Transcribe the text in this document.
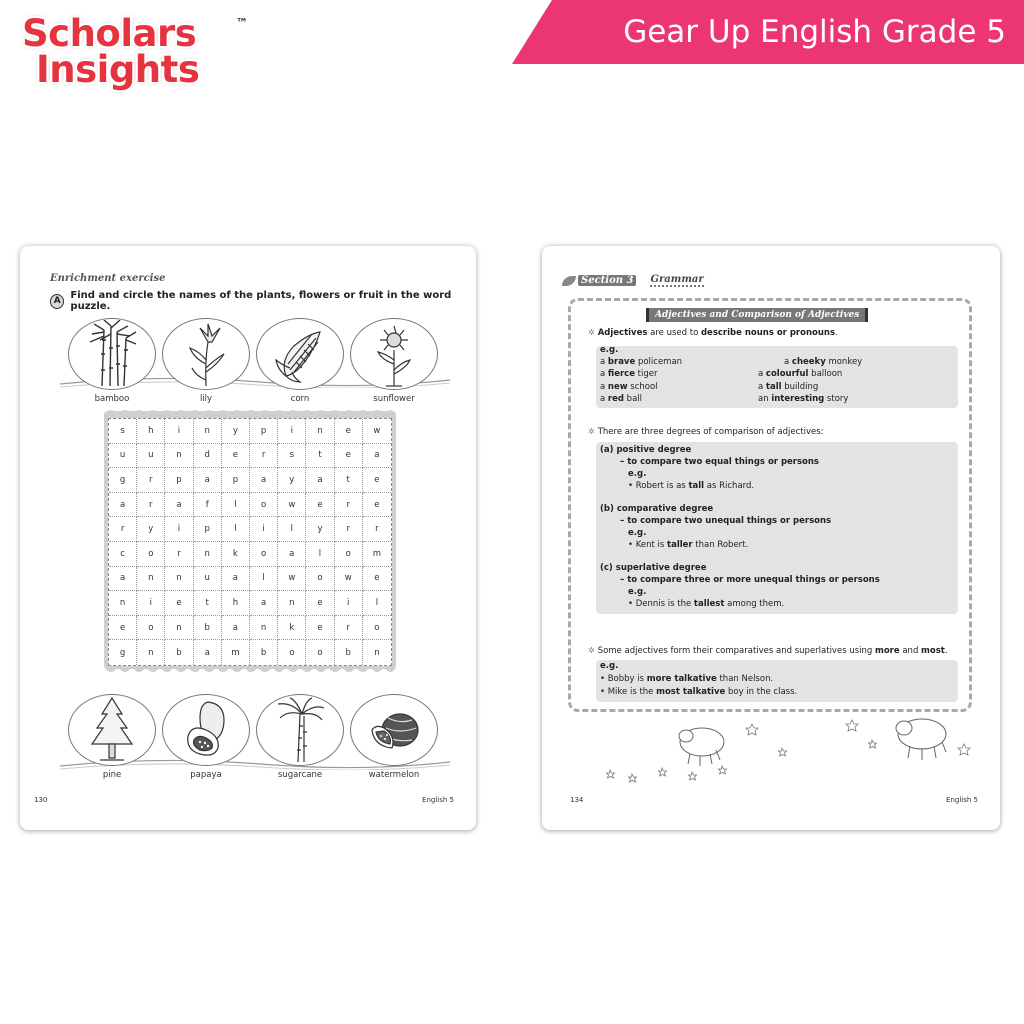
Scholars
Insights
™	Gear Up English Grade 5
Enrichment exercise
A Find and circle the names of the plants, flowers or fruit in the word puzzle.
bamboo	lily	corn	sunflower
s	h	i	n	y	p	i	n	e	w
u	u	n	d	e	r	s	t	e	a
g	r	p	a	p	a	y	a	t	e
a	r	a	f	l	o	w	e	r	e
r	y	i	p	l	i	l	y	r	r
c	o	r	n	k	o	a	l	o	m
a	n	n	u	a	l	w	o	w	e
n	i	e	t	h	a	n	e	i	l
e	o	n	b	a	n	k	e	r	o
g	n	b	a	m	b	o	o	b	n
pine	papaya	sugarcane	watermelon
130	English 5
Section 3	Grammar
Adjectives and Comparison of Adjectives
✲ Adjectives are used to describe nouns or pronouns.
e.g.
a brave policeman	a cheeky monkey
a fierce tiger	a colourful balloon
a new school	a tall building
a red ball	an interesting story
✲ There are three degrees of comparison of adjectives:
(a) positive degree
– to compare two equal things or persons
e.g.
• Robert is as tall as Richard.
(b) comparative degree
– to compare two unequal things or persons
e.g.
• Kent is taller than Robert.
(c) superlative degree
– to compare three or more unequal things or persons
e.g.
• Dennis is the tallest among them.
✲ Some adjectives form their comparatives and superlatives using more and most.
e.g.
• Bobby is more talkative than Nelson.
• Mike is the most talkative boy in the class.
134	English 5
